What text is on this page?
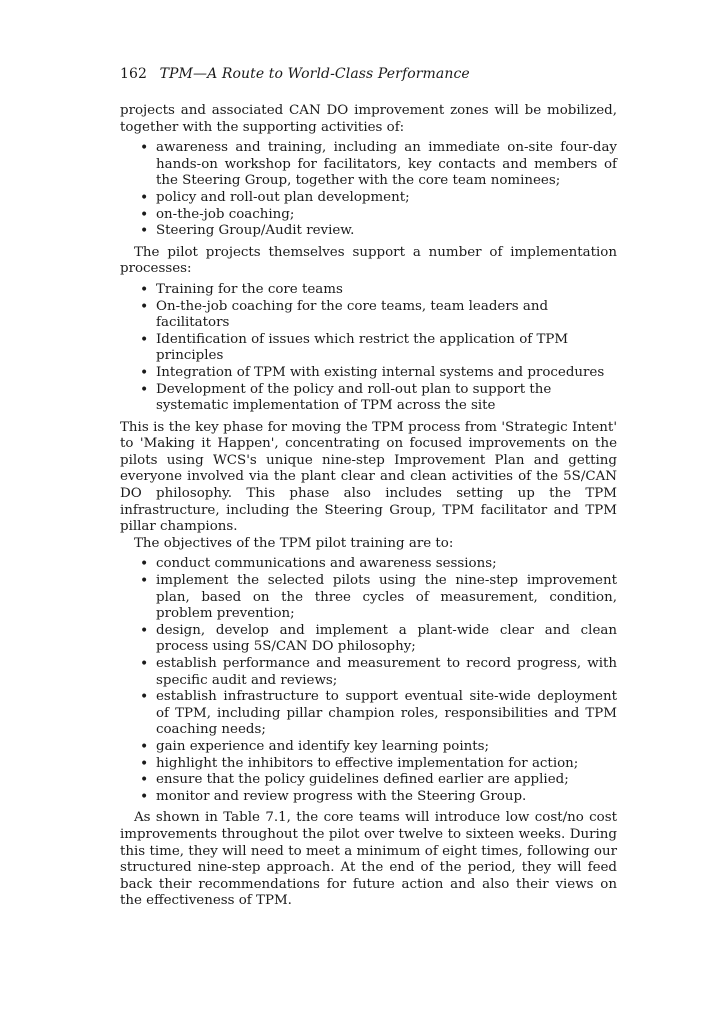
162 TPM—A Route to World-Class Performance

projects and associated CAN DO improvement zones will be mobilized, together with the supporting activities of:

• awareness and training, including an immediate on-site four-day hands-on workshop for facilitators, key contacts and members of the Steering Group, together with the core team nominees;
• policy and roll-out plan development;
• on-the-job coaching;
• Steering Group/Audit review.

The pilot projects themselves support a number of implementation processes:

• Training for the core teams
• On-the-job coaching for the core teams, team leaders and facilitators
• Identification of issues which restrict the application of TPM principles
• Integration of TPM with existing internal systems and procedures
• Development of the policy and roll-out plan to support the systematic implementation of TPM across the site

This is the key phase for moving the TPM process from 'Strategic Intent' to 'Making it Happen', concentrating on focused improvements on the pilots using WCS's unique nine-step Improvement Plan and getting everyone involved via the plant clear and clean activities of the 5S/CAN DO philosophy. This phase also includes setting up the TPM infrastructure, including the Steering Group, TPM facilitator and TPM pillar champions.

The objectives of the TPM pilot training are to:

• conduct communications and awareness sessions;
• implement the selected pilots using the nine-step improvement plan, based on the three cycles of measurement, condition, problem prevention;
• design, develop and implement a plant-wide clear and clean process using 5S/CAN DO philosophy;
• establish performance and measurement to record progress, with specific audit and reviews;
• establish infrastructure to support eventual site-wide deployment of TPM, including pillar champion roles, responsibilities and TPM coaching needs;
• gain experience and identify key learning points;
• highlight the inhibitors to effective implementation for action;
• ensure that the policy guidelines defined earlier are applied;
• monitor and review progress with the Steering Group.

As shown in Table 7.1, the core teams will introduce low cost/no cost improvements throughout the pilot over twelve to sixteen weeks. During this time, they will need to meet a minimum of eight times, following our structured nine-step approach. At the end of the period, they will feed back their recommendations for future action and also their views on the effectiveness of TPM.
